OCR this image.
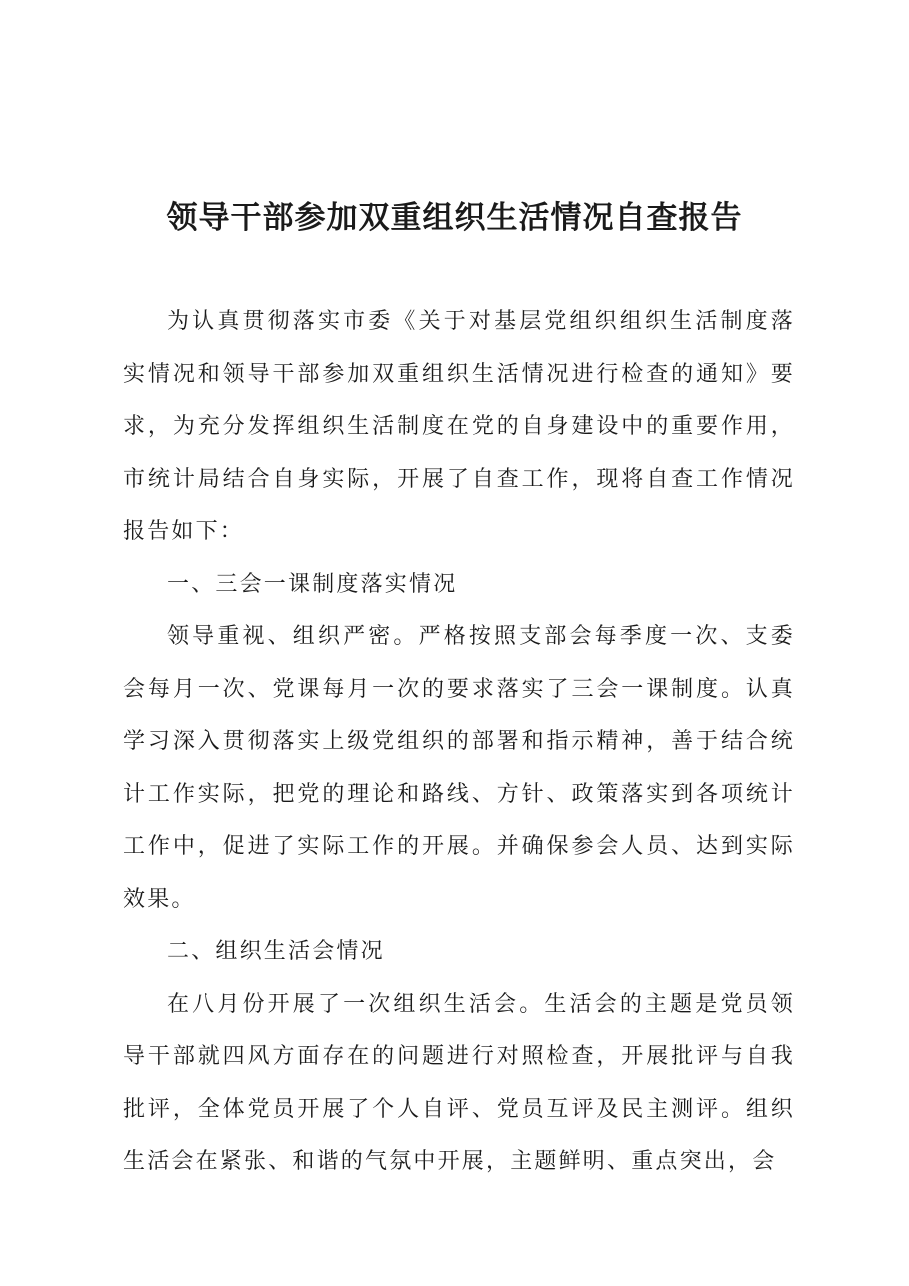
领导干部参加双重组织生活情况自查报告

为认真贯彻落实市委《关于对基层党组织组织生活制度落实情况和领导干部参加双重组织生活情况进行检查的通知》要求，为充分发挥组织生活制度在党的自身建设中的重要作用，市统计局结合自身实际，开展了自查工作，现将自查工作情况报告如下：

一、三会一课制度落实情况

领导重视、组织严密。严格按照支部会每季度一次、支委会每月一次、党课每月一次的要求落实了三会一课制度。认真学习深入贯彻落实上级党组织的部署和指示精神，善于结合统计工作实际，把党的理论和路线、方针、政策落实到各项统计工作中，促进了实际工作的开展。并确保参会人员、达到实际效果。

二、组织生活会情况

在八月份开展了一次组织生活会。生活会的主题是党员领导干部就四风方面存在的问题进行对照检查，开展批评与自我批评，全体党员开展了个人自评、党员互评及民主测评。组织生活会在紧张、和谐的气氛中开展，主题鲜明、重点突出，会
